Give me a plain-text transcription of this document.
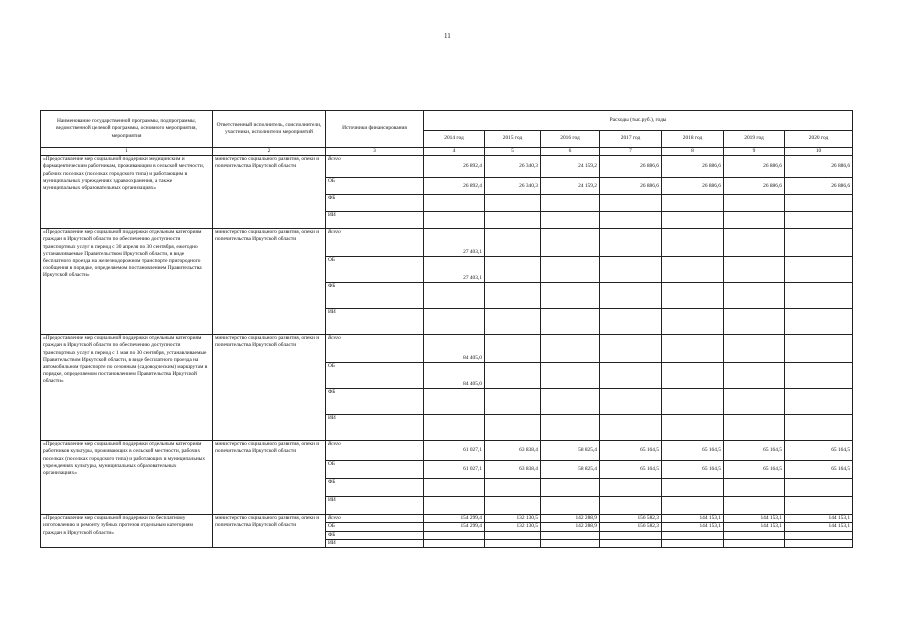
11
Наименование государственной программы, подпрограммы, ведомственной целевой программы, основного мероприятия, мероприятия	Ответственный исполнитель, соисполнители, участники, исполнители мероприятий	Источники финансирования	Расходы (тыс.руб.), годы						
			2014 год	2015 год	2016 год	2017 год	2018 год	2019 год	2020 год
1	2	3	4	5	6	7	8	9	10
«Предоставление мер социальной поддержки медицинским и фармацевтическим работникам, проживающим в сельской местности, рабочих поселках (поселках городского типа) и работающим в муниципальных учреждениях здравоохранения, а также муниципальных образовательных организациях»	министерство социального развития, опеки и попечительства Иркутской области	Всего	26 892,4	26 340,3	24 159,2	26 886,6	26 886,6	26 886,6	26 886,6
		ОБ	26 892,4	26 340,3	24 159,2	26 886,6	26 886,6	26 886,6	26 886,6
		ФБ							
		ИИ							
«Предоставление мер социальной поддержки отдельным категориям граждан в Иркутской области по обеспечению доступности транспортных услуг в период с 30 апреля по 30 сентября, ежегодно устанавливаемые Правительством Иркутской области, в виде бесплатного проезда на железнодорожном транспорте пригородного сообщения в порядке, определяемом постановлением Правительства Иркутской области»	министерство социального развития, опеки и попечительства Иркутской области	Всего	27 403,1						
		ОБ	27 403,1						
		ФБ							
		ИИ							
«Предоставление мер социальной поддержки отдельным категориям граждан в Иркутской области по обеспечению доступности транспортных услуг в период с 1 мая по 30 сентября, устанавливаемые Правительством Иркутской области, в виде бесплатного проезда на автомобильном транспорте по сезонным (садоводческим) маршрутам в порядке, определяемом постановлением Правительства Иркутской области»	министерство социального развития, опеки и попечительства Иркутской области	Всего	84 405,0						
		ОБ	84 405,0						
		ФБ							
		ИИ							
«Предоставление мер социальной поддержки отдельным категориям работников культуры, проживающих в сельской местности, рабочих поселках (поселках городского типа) и работающих в муниципальных учреждениях культуры, муниципальных образовательных организациях»	министерство социального развития, опеки и попечительства Иркутской области	Всего	61 027,1	63 838,4	58 825,4	65 164,5	65 164,5	65 164,5	65 164,5
		ОБ	61 027,1	63 838,4	58 825,4	65 164,5	65 164,5	65 164,5	65 164,5
		ФБ							
		ИИ							
«Предоставление мер социальной поддержки по бесплатному изготовлению и ремонту зубных протезов отдельным категориям граждан в Иркутской области»	министерство социального развития, опеки и попечительства Иркутской области	Всего	154 299,4	132 130,5	142 288,9	156 582,3	144 153,1	144 153,1	144 153,1
		ОБ	154 299,4	132 130,5	142 288,9	156 582,3	144 153,1	144 153,1	144 153,1
		ФБ							
		ИИ							
